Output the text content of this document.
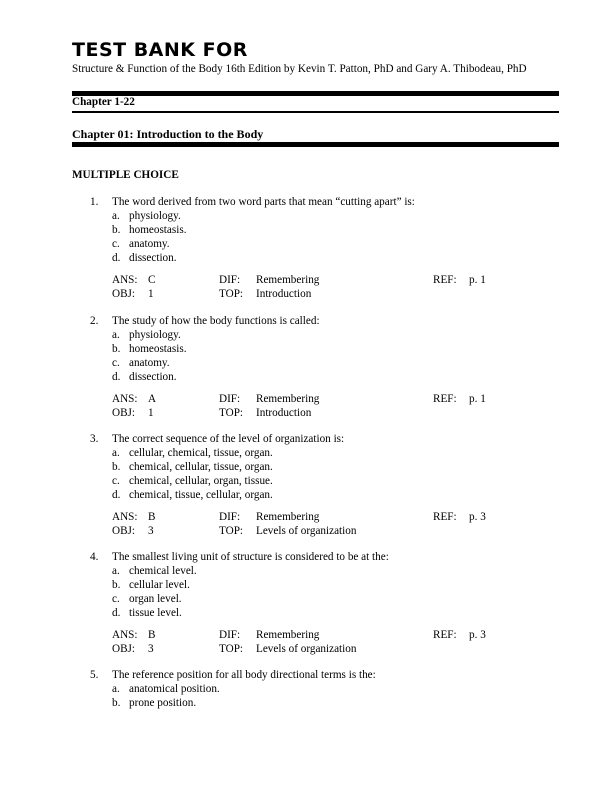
TEST BANK FOR
Structure & Function of the Body 16th Edition by Kevin T. Patton, PhD and Gary A. Thibodeau, PhD
Chapter 1-22
Chapter 01: Introduction to the Body
MULTIPLE CHOICE
1.	The word derived from two word parts that mean “cutting apart” is:
a. physiology.
b. homeostasis.
c. anatomy.
d. dissection.
ANS: C	DIF: Remembering	REF: p. 1
OBJ: 1	TOP: Introduction
2.	The study of how the body functions is called:
a. physiology.
b. homeostasis.
c. anatomy.
d. dissection.
ANS: A	DIF: Remembering	REF: p. 1
OBJ: 1	TOP: Introduction
3.	The correct sequence of the level of organization is:
a. cellular, chemical, tissue, organ.
b. chemical, cellular, tissue, organ.
c. chemical, cellular, organ, tissue.
d. chemical, tissue, cellular, organ.
ANS: B	DIF: Remembering	REF: p. 3
OBJ: 3	TOP: Levels of organization
4.	The smallest living unit of structure is considered to be at the:
a. chemical level.
b. cellular level.
c. organ level.
d. tissue level.
ANS: B	DIF: Remembering	REF: p. 3
OBJ: 3	TOP: Levels of organization
5.	The reference position for all body directional terms is the:
a. anatomical position.
b. prone position.
